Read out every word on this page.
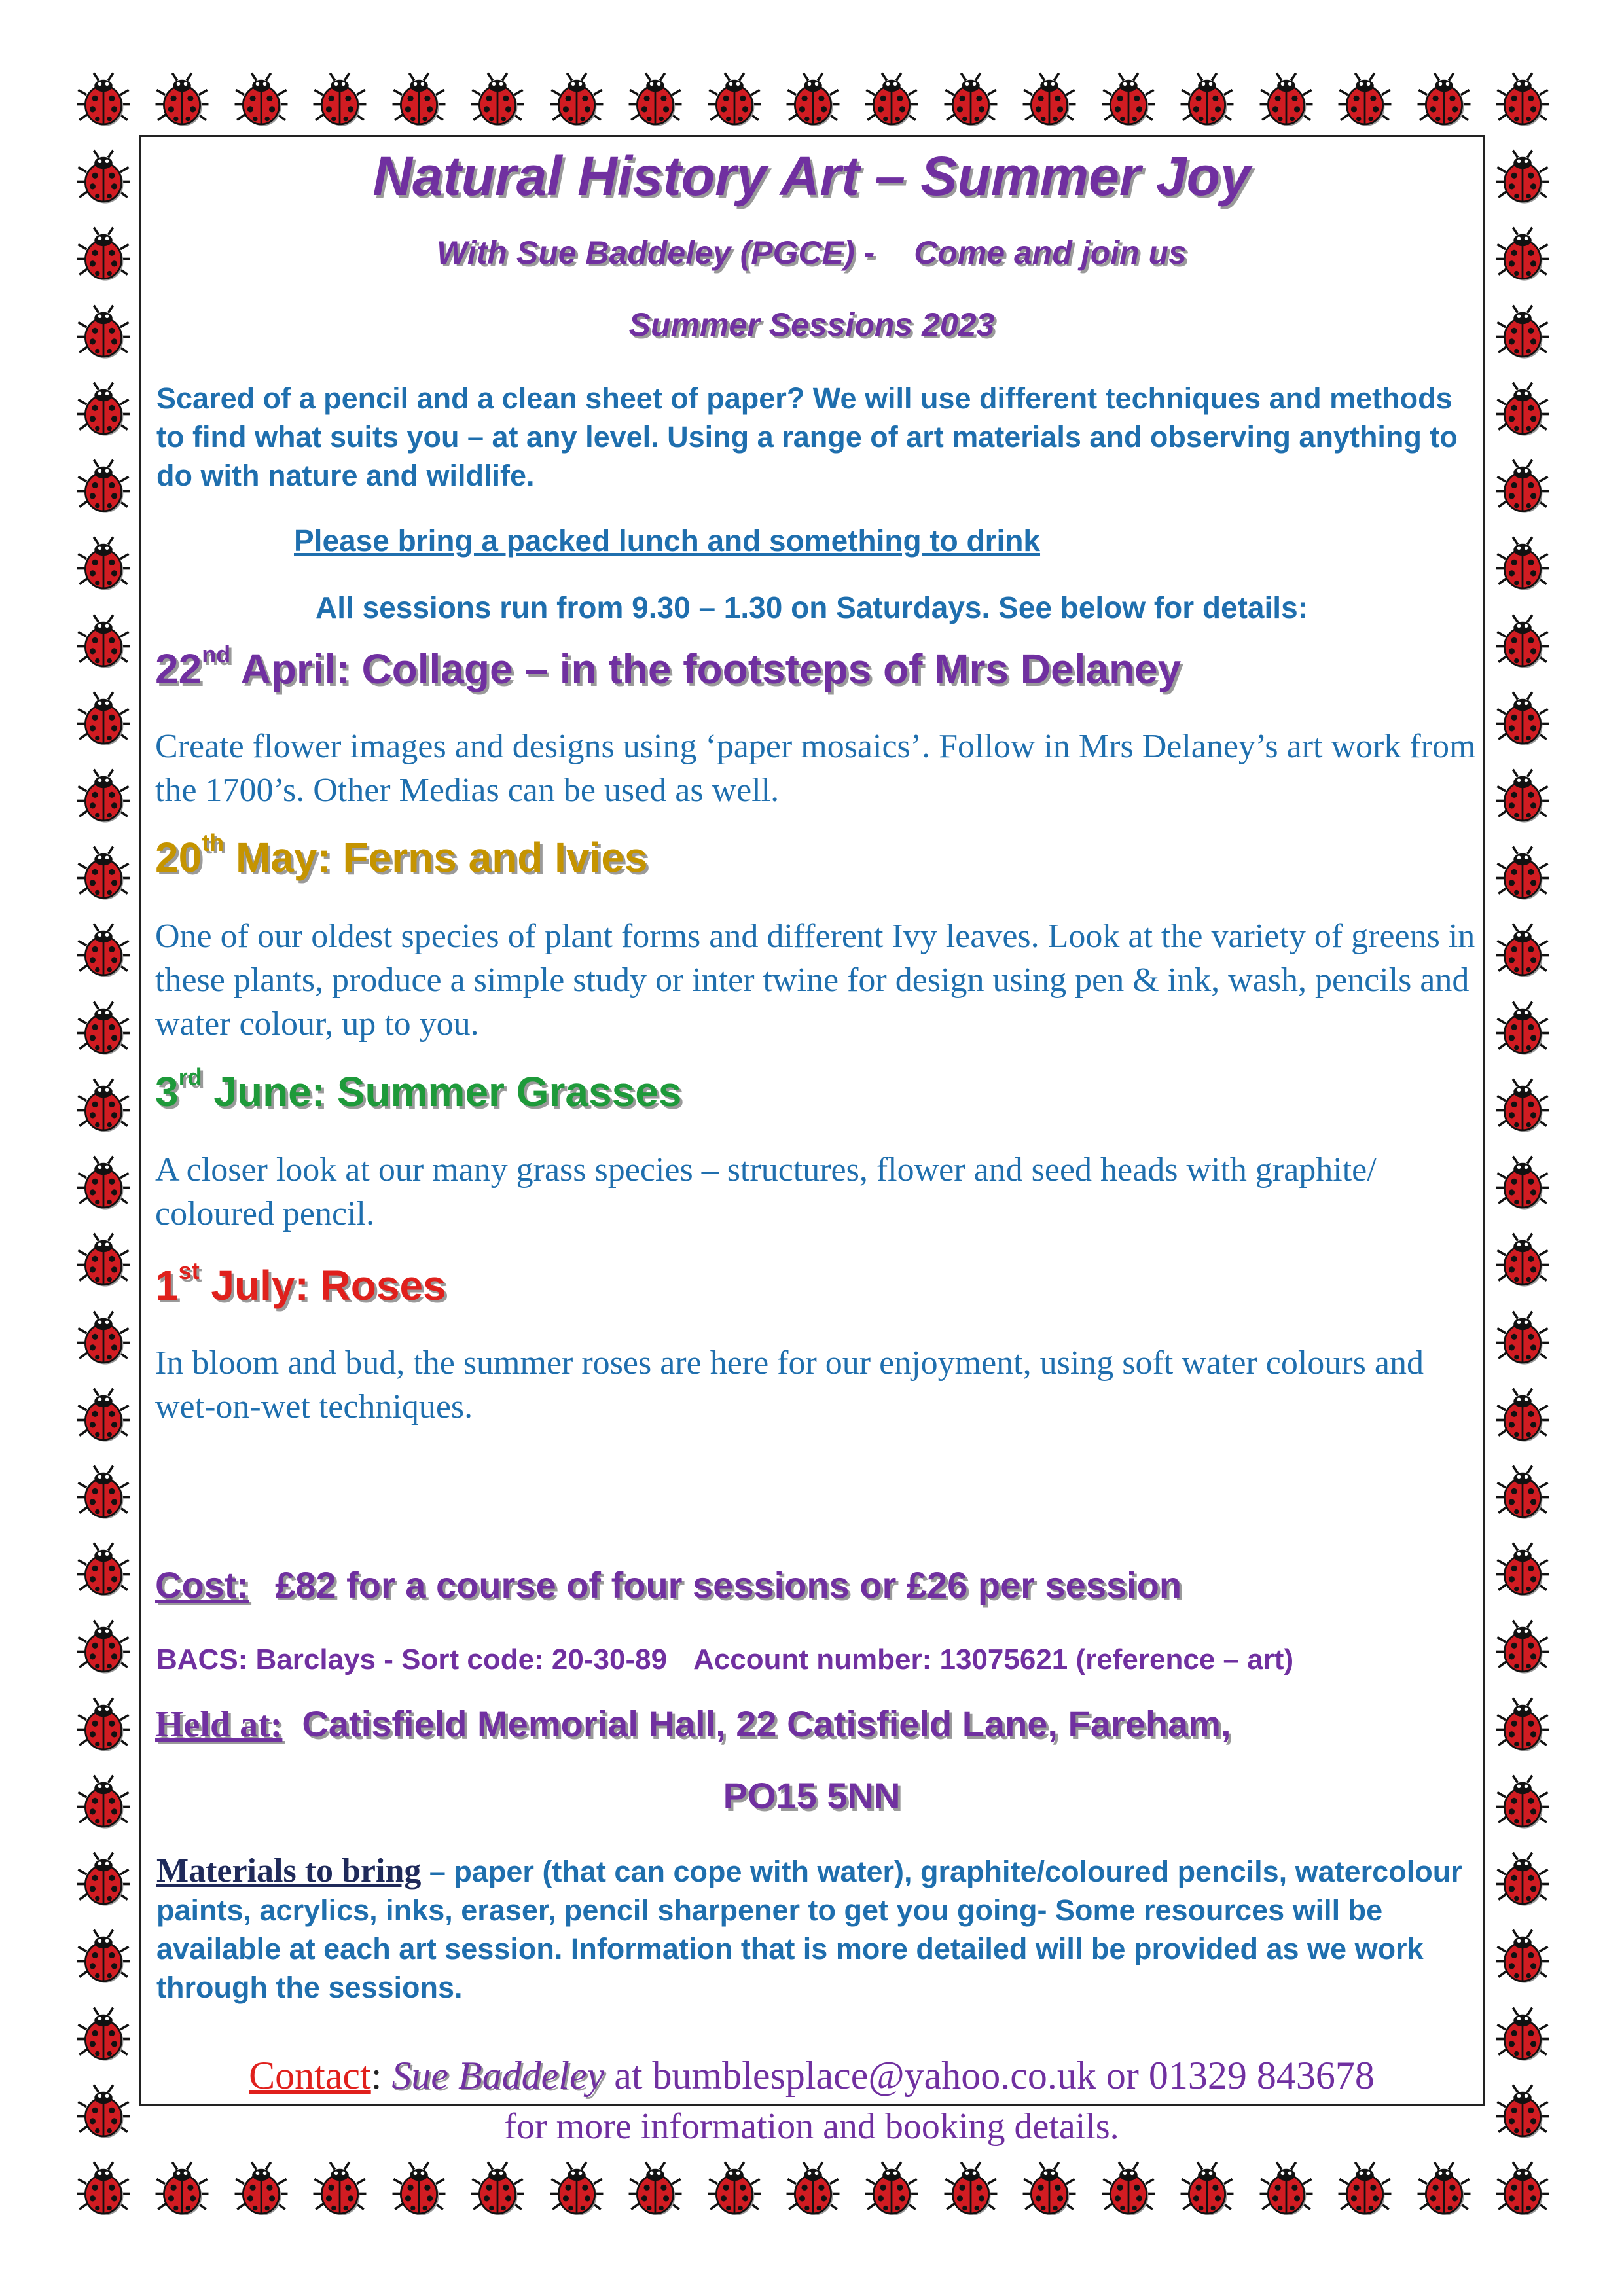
Natural History Art – Summer Joy
With Sue Baddeley (PGCE) - Come and join us
Summer Sessions 2023
Scared of a pencil and a clean sheet of paper? We will use different techniques and methods to find what suits you – at any level. Using a range of art materials and observing anything to do with nature and wildlife.
Please bring a packed lunch and something to drink
All sessions run from 9.30 – 1.30 on Saturdays. See below for details:
22nd April: Collage – in the footsteps of Mrs Delaney
Create flower images and designs using ‘paper mosaics’. Follow in Mrs Delaney’s art work from the 1700’s. Other Medias can be used as well.
20th May: Ferns and Ivies
One of our oldest species of plant forms and different Ivy leaves. Look at the variety of greens in these plants, produce a simple study or inter twine for design using pen & ink, wash, pencils and water colour, up to you.
3rd June: Summer Grasses
A closer look at our many grass species – structures, flower and seed heads with graphite/ coloured pencil.
1st July: Roses
In bloom and bud, the summer roses are here for our enjoyment, using soft water colours and wet-on-wet techniques.
Cost: £82 for a course of four sessions or £26 per session
BACS: Barclays - Sort code: 20-30-89 Account number: 13075621 (reference – art)
Held at: Catisfield Memorial Hall, 22 Catisfield Lane, Fareham,
PO15 5NN
Materials to bring – paper (that can cope with water), graphite/coloured pencils, watercolour paints, acrylics, inks, eraser, pencil sharpener to get you going- Some resources will be available at each art session. Information that is more detailed will be provided as we work through the sessions.
Contact: Sue Baddeley at bumblesplace@yahoo.co.uk or 01329 843678
for more information and booking details.
